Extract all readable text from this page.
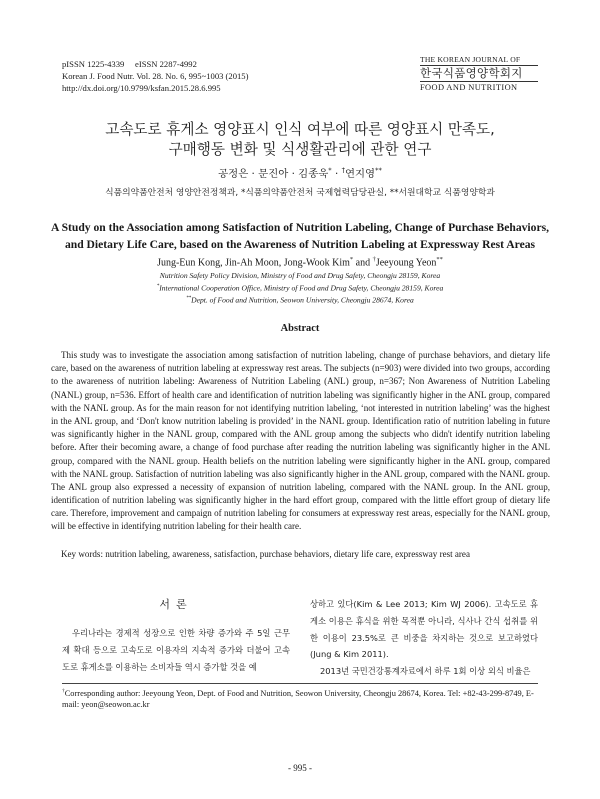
pISSN 1225-4339     eISSN 2287-4992
Korean J. Food Nutr. Vol. 28. No. 6, 995~1003 (2015)
http://dx.doi.org/10.9799/ksfan.2015.28.6.995
THE KOREAN JOURNAL OF
한국식품영양학회지
FOOD AND NUTRITION
고속도로 휴게소 영양표시 인식 여부에 따른 영양표시 만족도,
구매행동 변화 및 식생활관리에 관한 연구
공정은 · 문진아 · 김종욱* · †연지영**
식품의약품안전처 영양안전정책과, *식품의약품안전처 국제협력담당관실, **서원대학교 식품영양학과
A Study on the Association among Satisfaction of Nutrition Labeling, Change of Purchase Behaviors,
and Dietary Life Care, based on the Awareness of Nutrition Labeling at Expressway Rest Areas
Jung-Eun Kong, Jin-Ah Moon, Jong-Wook Kim* and †Jeeyoung Yeon**
Nutrition Safety Policy Division, Ministry of Food and Drug Safety, Cheongju 28159, Korea
*International Cooperation Office, Ministry of Food and Drug Safety, Cheongju 28159, Korea
**Dept. of Food and Nutrition, Seowon University, Cheongju 28674, Korea
Abstract
This study was to investigate the association among satisfaction of nutrition labeling, change of purchase behaviors, and dietary life care, based on the awareness of nutrition labeling at expressway rest areas. The subjects (n=903) were divided into two groups, according to the awareness of nutrition labeling: Awareness of Nutrition Labeling (ANL) group, n=367; Non Awareness of Nutrition Labeling (NANL) group, n=536. Effort of health care and identification of nutrition labeling was significantly higher in the ANL group, compared with the NANL group. As for the main reason for not identifying nutrition labeling, ‘not interested in nutrition labeling’ was the highest in the ANL group, and ‘Don't know nutrition labeling is provided’ in the NANL group. Identification ratio of nutrition labeling in future was significantly higher in the NANL group, compared with the ANL group among the subjects who didn't identify nutrition labeling before. After their becoming aware, a change of food purchase after reading the nutrition labeling was significantly higher in the ANL group, compared with the NANL group. Health beliefs on the nutrition labeling were significantly higher in the ANL group, compared with the NANL group. Satisfaction of nutrition labeling was also significantly higher in the ANL group, compared with the NANL group. The ANL group also expressed a necessity of expansion of nutrition labeling, compared with the NANL group. In the ANL group, identification of nutrition labeling was significantly higher in the hard effort group, compared with the little effort group of dietary life care. Therefore, improvement and campaign of nutrition labeling for consumers at expressway rest areas, especially for the NANL group, will be effective in identifying nutrition labeling for their health care.
Key words: nutrition labeling, awareness, satisfaction, purchase behaviors, dietary life care, expressway rest area
서론
우리나라는 경제적 성장으로 인한 차량 증가와 주 5일 근무제 확대 등으로 고속도로 이용자의 지속적 증가와 더불어 고속도로 휴게소를 이용하는 소비자들 역시 증가할 것을 예
상하고 있다(Kim & Lee 2013; Kim WJ 2006). 고속도로 휴게소 이용은 휴식을 위한 목적뿐 아니라, 식사나 간식 섭취를 위한 이용이 23.5%로 큰 비중을 차지하는 것으로 보고하였다(Jung & Kim 2011).
2013년 국민건강통계자료에서 하루 1회 이상 외식 비율은
†Corresponding author: Jeeyoung Yeon, Dept. of Food and Nutrition, Seowon University, Cheongju 28674, Korea. Tel: +82-43-299-8749, E-mail: yeon@seowon.ac.kr
- 995 -
